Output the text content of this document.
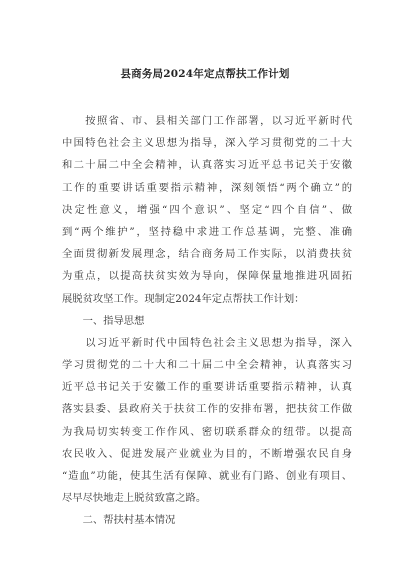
县商务局2024年定点帮扶工作计划
　　按照省、市、县相关部门工作部署，以习近平新时代
中国特色社会主义思想为指导，深入学习贯彻党的二十大
和二十届二中全会精神，认真落实习近平总书记关于安徽
工作的重要讲话重要指示精神，深刻领悟“两个确立”的
决定性意义，增强“四个意识”、坚定“四个自信”、做
到“两个维护”，坚持稳中求进工作总基调，完整、准确
全面贯彻新发展理念，结合商务局工作实际，以消费扶贫
为重点，以提高扶贫实效为导向，保障保量地推进巩固拓
展脱贫攻坚工作。现制定2024年定点帮扶工作计划：
　　一、指导思想
　　以习近平新时代中国特色社会主义思想为指导，深入
学习贯彻党的二十大和二十届二中全会精神，认真落实习
近平总书记关于安徽工作的重要讲话重要指示精神，认真
落实县委、县政府关于扶贫工作的安排布署，把扶贫工作做
为我局切实转变工作作风、密切联系群众的纽带。以提高
农民收入、促进发展产业就业为目的，不断增强农民自身
“造血”功能，使其生活有保障、就业有门路、创业有项目、
尽早尽快地走上脱贫致富之路。
　　二、帮扶村基本情况
